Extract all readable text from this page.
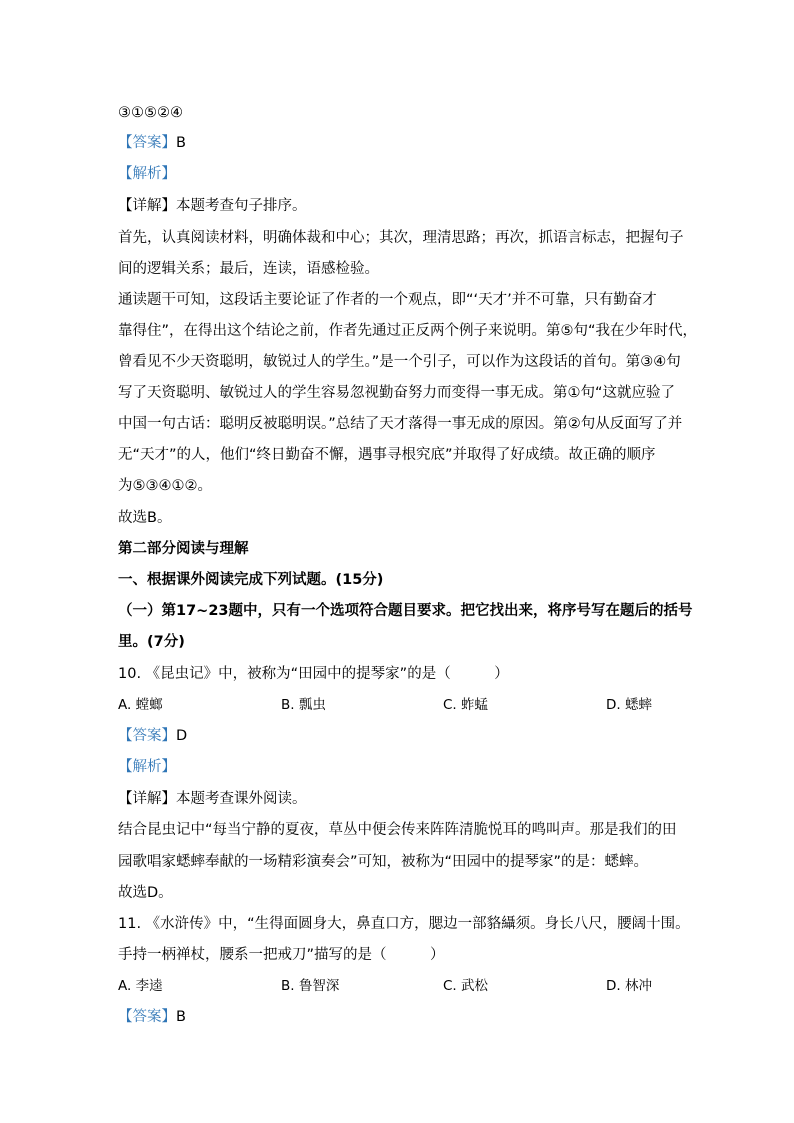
③①⑤②④
【答案】B
【解析】
【详解】本题考查句子排序。
首先，认真阅读材料，明确体裁和中心；其次，理清思路；再次，抓语言标志，把握句子
间的逻辑关系；最后，连读，语感检验。
通读题干可知，这段话主要论证了作者的一个观点，即“‘天才’并不可靠，只有勤奋才
靠得住”，在得出这个结论之前，作者先通过正反两个例子来说明。第⑤句“我在少年时代，
曾看见不少天资聪明，敏锐过人的学生。”是一个引子，可以作为这段话的首句。第③④句
写了天资聪明、敏锐过人的学生容易忽视勤奋努力而变得一事无成。第①句“这就应验了
中国一句古话：聪明反被聪明误。”总结了天才落得一事无成的原因。第②句从反面写了并
无“天才”的人，他们“终日勤奋不懈，遇事寻根究底”并取得了好成绩。故正确的顺序
为⑤③④①②。
故选B。
第二部分阅读与理解
一、根据课外阅读完成下列试题。(15分)
（一）第17~23题中，只有一个选项符合题目要求。把它找出来，将序号写在题后的括号
里。(7分)
10. 《昆虫记》中，被称为“田园中的提琴家”的是（　　　）
A. 螳螂	B. 瓢虫	C. 蚱蜢	D. 蟋蟀
【答案】D
【解析】
【详解】本题考查课外阅读。
结合昆虫记中“每当宁静的夏夜，草丛中便会传来阵阵清脆悦耳的鸣叫声。那是我们的田
园歌唱家蟋蟀奉献的一场精彩演奏会”可知，被称为“田园中的提琴家”的是：蟋蟀。
故选D。
11. 《水浒传》中，“生得面圆身大，鼻直口方，腮边一部貉䌰须。身长八尺，腰阔十围。
手持一柄禅杖，腰系一把戒刀”描写的是（　　　）
A. 李逵	B. 鲁智深	C. 武松	D. 林冲
【答案】B
